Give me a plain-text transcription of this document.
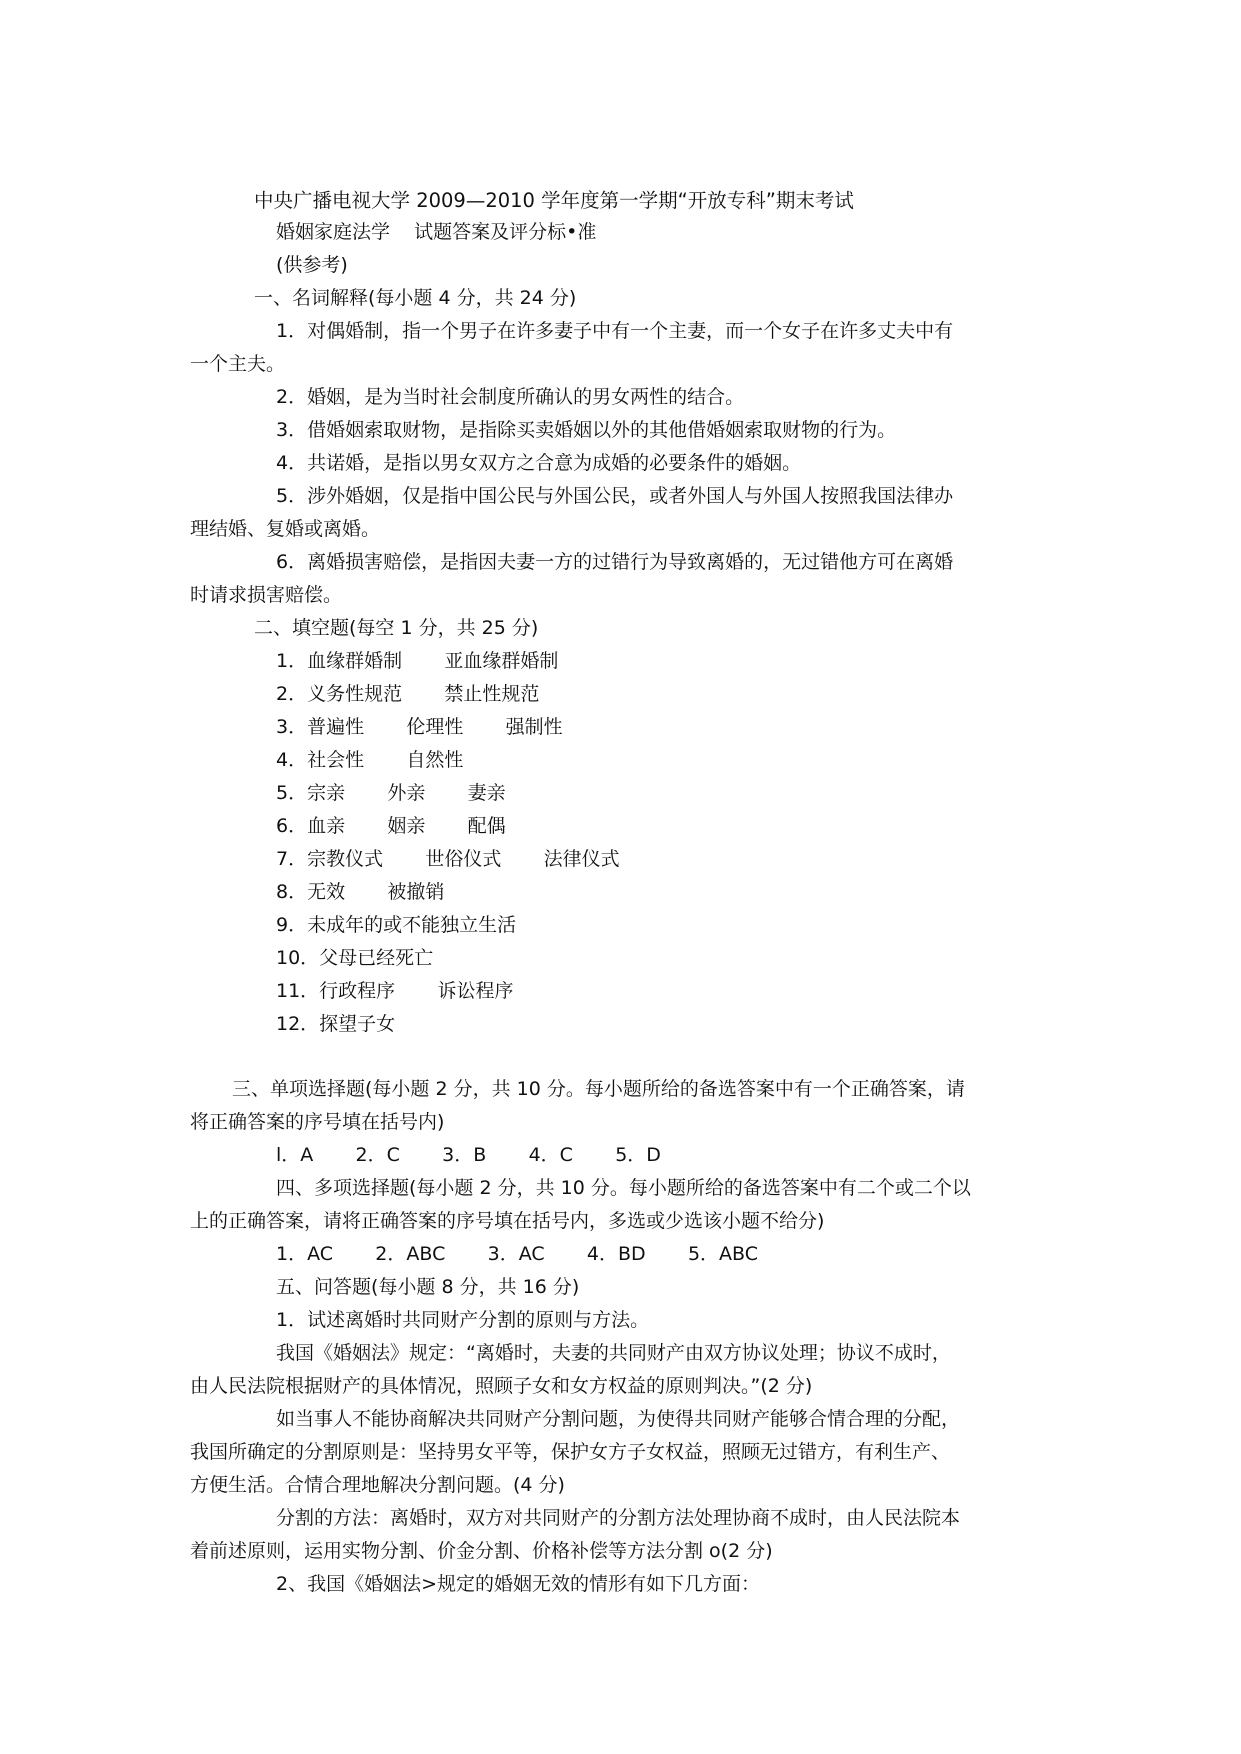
中央广播电视大学 2009—2010 学年度第一学期“开放专科”期末考试
婚姻家庭法学    试题答案及评分标•准
(供参考)
一、名词解释(每小题 4 分，共 24 分)
1．对偶婚制，指一个男子在许多妻子中有一个主妻，而一个女子在许多丈夫中有
一个主夫。
2．婚姻，是为当时社会制度所确认的男女两性的结合。
3．借婚姻索取财物，是指除买卖婚姻以外的其他借婚姻索取财物的行为。
4．共诺婚，是指以男女双方之合意为成婚的必要条件的婚姻。
5．涉外婚姻，仅是指中国公民与外国公民，或者外国人与外国人按照我国法律办
理结婚、复婚或离婚。
6．离婚损害赔偿，是指因夫妻一方的过错行为导致离婚的，无过错他方可在离婚
时请求损害赔偿。
二、填空题(每空 1 分，共 25 分)
1．血缘群婚制       亚血缘群婚制
2．义务性规范       禁止性规范
3．普遍性       伦理性       强制性
4．社会性       自然性
5．宗亲       外亲       妻亲
6．血亲       姻亲       配偶
7．宗教仪式       世俗仪式       法律仪式
8．无效       被撤销
9．未成年的或不能独立生活
10．父母已经死亡
11．行政程序       诉讼程序
12．探望子女
三、单项选择题(每小题 2 分，共 10 分。每小题所给的备选答案中有一个正确答案，请
将正确答案的序号填在括号内)
l．A       2．C       3．B       4．C       5．D
四、多项选择题(每小题 2 分，共 10 分。每小题所给的备选答案中有二个或二个以
上的正确答案，请将正确答案的序号填在括号内，多选或少选该小题不给分)
1．AC       2．ABC       3．AC       4．BD       5．ABC
五、问答题(每小题 8 分，共 16 分)
1．试述离婚时共同财产分割的原则与方法。
我国《婚姻法》规定：“离婚时，夫妻的共同财产由双方协议处理；协议不成时，
由人民法院根据财产的具体情况，照顾子女和女方权益的原则判决。”(2 分)
如当事人不能协商解决共同财产分割问题，为使得共同财产能够合情合理的分配，
我国所确定的分割原则是：坚持男女平等，保护女方子女权益，照顾无过错方，有利生产、
方便生活。合情合理地解决分割问题。(4 分)
分割的方法：离婚时，双方对共同财产的分割方法处理协商不成时，由人民法院本
着前述原则，运用实物分割、价金分割、价格补偿等方法分割 o(2 分)
2、我国《婚姻法>规定的婚姻无效的情形有如下几方面：
